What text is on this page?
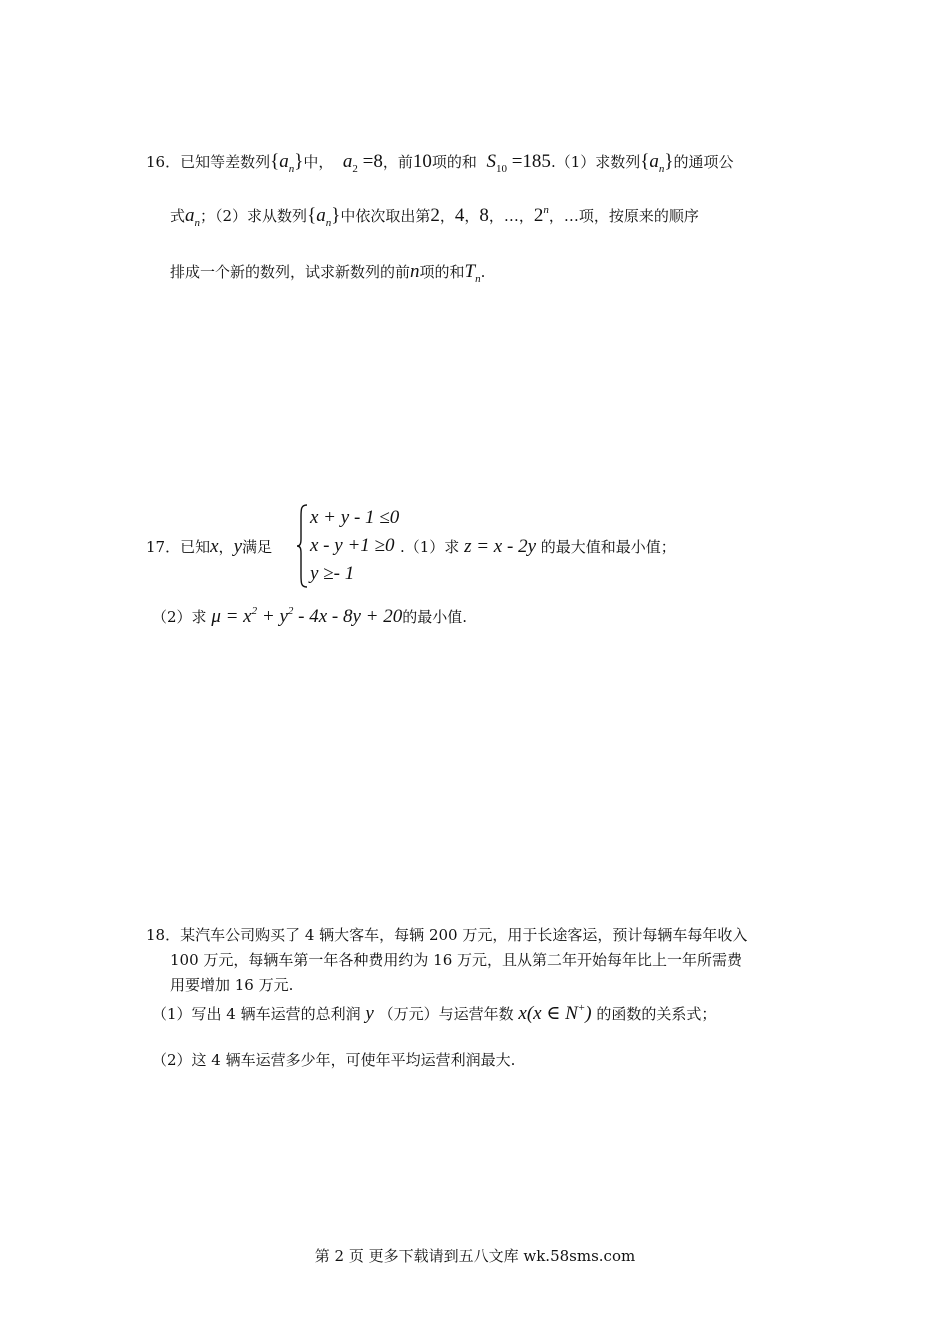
16．已知等差数列$\{a_n\}$中， $a_2 =8$，前10项的和 $S_{10} =185.(1)$求数列$\{a_n\}$的通项公
式$a_n$；（2）求从数列$\{a_n\}$中依次取出第2，4，8，…，2$^n$，…项，按原来的顺序
排成一个新的数列，试求新数列的前n项的和$T_n$.
17．已知x，y满足
x + y - 1 ≤0
x - y +1 ≥0
y ≥- 1
.（1）求 z = x - 2y 的最大值和最小值；
（2）求 $\mu = x^2 + y^2 - 4x - 8y + 20$的最小值.
18．某汽车公司购买了 4 辆大客车，每辆 200 万元，用于长途客运，预计每辆车每年收入
100 万元，每辆车第一年各种费用约为 16 万元，且从第二年开始每年比上一年所需费
用要增加 16 万元.
（1）写出 4 辆车运营的总利润 y （万元）与运营年数 x(x ∈ N+) 的函数的关系式；
（2）这 4 辆车运营多少年，可使年平均运营利润最大.
第 2 页 更多下载请到五八文库 wk.58sms.com
